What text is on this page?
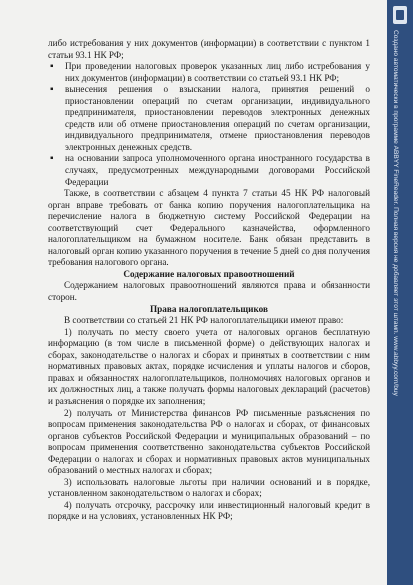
либо истребования у них документов (информации) в соответствии с пунктом 1 статьи 93.1 НК РФ;

▪ При проведении налоговых проверок указанных лиц либо истребования у них документов (информации) в соответствии со статьей 93.1 НК РФ;
▪ вынесения решения о взыскании налога, принятия решений о приостановлении операций по счетам организации, индивидуального предпринимателя, приостановлении переводов электронных денежных средств или об отмене приостановления операций по счетам организации, индивидуального предпринимателя, отмене приостановления переводов электронных денежных средств.
▪ на основании запроса уполномоченного органа иностранного государства в случаях, предусмотренных международными договорами Российской Федерации

Также, в соответствии с абзацем 4 пункта 7 статьи 45 НК РФ налоговый орган вправе требовать от банка копию поручения налогоплательщика на перечисление налога в бюджетную систему Российской Федерации на соответствующий счет Федерального казначейства, оформленного налогоплательщиком на бумажном носителе. Банк обязан представить в налоговый орган копию указанного поручения в течение 5 дней со дня получения требования налогового органа.

Содержание налоговых правоотношений

Содержанием налоговых правоотношений являются права и обязанности сторон.

Права налогоплательщиков

В соответствии со статьей 21 НК РФ налогоплательщики имеют право:

1) получать по месту своего учета от налоговых органов бесплатную информацию (в том числе в письменной форме) о действующих налогах и сборах, законодательстве о налогах и сборах и принятых в соответствии с ним нормативных правовых актах, порядке исчисления и уплаты налогов и сборов, правах и обязанностях налогоплательщиков, полномочиях налоговых органов и их должностных лиц, а также получать формы налоговых деклараций (расчетов) и разъяснения о порядке их заполнения;

2) получать от Министерства финансов РФ письменные разъяснения по вопросам применения законодательства РФ о налогах и сборах, от финансовых органов субъектов Российской Федерации и муниципальных образований – по вопросам применения соответственно законодательства субъектов Российской Федерации о налогах и сборах и нормативных правовых актов муниципальных образований о местных налогах и сборах;

3) использовать налоговые льготы при наличии оснований и в порядке, установленном законодательством о налогах и сборах;

4) получать отсрочку, рассрочку или инвестиционный налоговый кредит в порядке и на условиях, установленных НК РФ;

Создано автоматически в программе ABBYY FineReader. Полная версия не добавляет этот штамп. www.abbyy.com/buy
